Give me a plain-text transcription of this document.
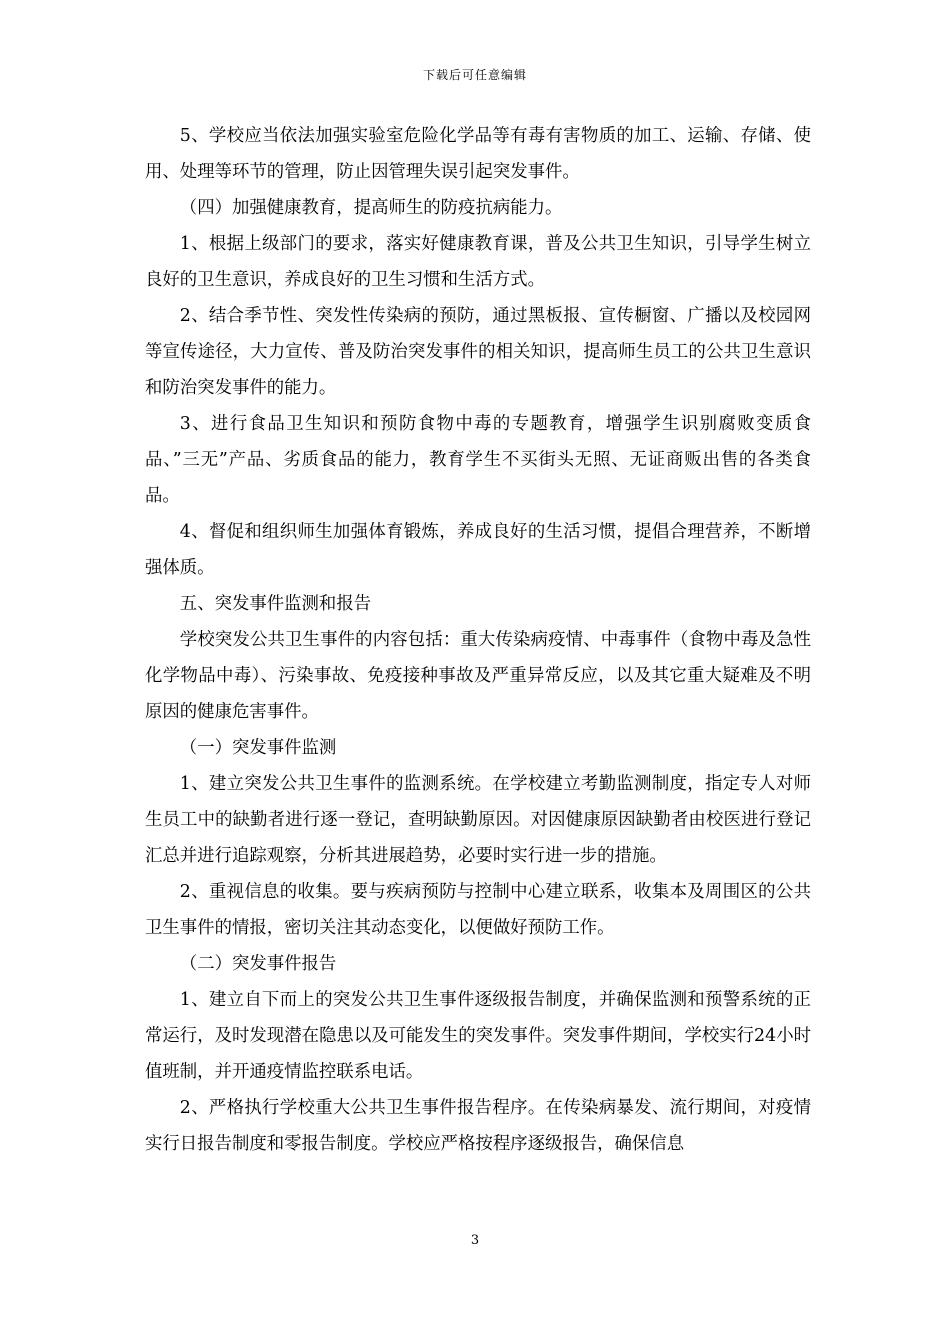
下载后可任意编辑

5、学校应当依法加强实验室危险化学品等有毒有害物质的加工、运输、存储、使用、处理等环节的管理，防止因管理失误引起突发事件。

（四）加强健康教育，提高师生的防疫抗病能力。

1、根据上级部门的要求，落实好健康教育课，普及公共卫生知识，引导学生树立良好的卫生意识，养成良好的卫生习惯和生活方式。

2、结合季节性、突发性传染病的预防，通过黑板报、宣传橱窗、广播以及校园网等宣传途径，大力宣传、普及防治突发事件的相关知识，提高师生员工的公共卫生意识和防治突发事件的能力。

3、进行食品卫生知识和预防食物中毒的专题教育，增强学生识别腐败变质食品、”三无”产品、劣质食品的能力，教育学生不买街头无照、无证商贩出售的各类食品。

4、督促和组织师生加强体育锻炼，养成良好的生活习惯，提倡合理营养，不断增强体质。

五、突发事件监测和报告

学校突发公共卫生事件的内容包括：重大传染病疫情、中毒事件（食物中毒及急性化学物品中毒）、污染事故、免疫接种事故及严重异常反应，以及其它重大疑难及不明原因的健康危害事件。

（一）突发事件监测

1、建立突发公共卫生事件的监测系统。在学校建立考勤监测制度，指定专人对师生员工中的缺勤者进行逐一登记，查明缺勤原因。对因健康原因缺勤者由校医进行登记汇总并进行追踪观察，分析其进展趋势，必要时实行进一步的措施。

2、重视信息的收集。要与疾病预防与控制中心建立联系，收集本及周围区的公共卫生事件的情报，密切关注其动态变化，以便做好预防工作。

（二）突发事件报告

1、建立自下而上的突发公共卫生事件逐级报告制度，并确保监测和预警系统的正常运行，及时发现潜在隐患以及可能发生的突发事件。突发事件期间，学校实行24小时值班制，并开通疫情监控联系电话。

2、严格执行学校重大公共卫生事件报告程序。在传染病暴发、流行期间，对疫情实行日报告制度和零报告制度。学校应严格按程序逐级报告，确保信息

3
